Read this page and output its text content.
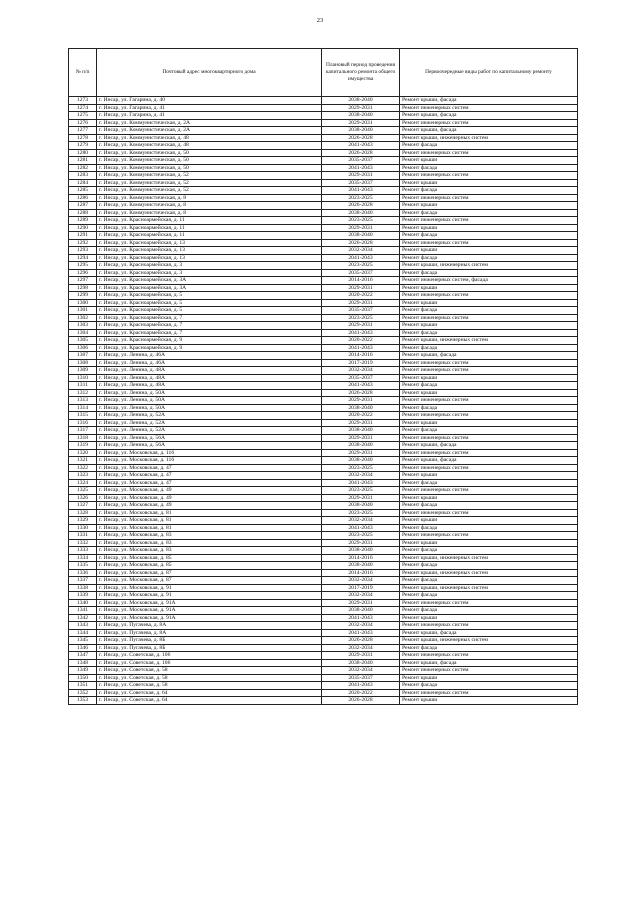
23
№ п/п	Почтовый адрес многоквартирного дома	Плановый период проведения капитального ремонта общего имущества	Первоочередные виды работ по капитальному ремонту
1273	г. Инсар, ул. Гагарина, д. 40	2038-2040	Ремонт крыши, фасада
1274	г. Инсар, ул. Гагарина, д. 41	2029-2031	Ремонт инженерных систем
1275	г. Инсар, ул. Гагарина, д. 41	2038-2040	Ремонт крыши, фасада
1276	г. Инсар, ул. Коммунистическая, д. 2А	2029-2031	Ремонт инженерных систем
1277	г. Инсар, ул. Коммунистическая, д. 2А	2038-2040	Ремонт крыши, фасада
1278	г. Инсар, ул. Коммунистическая, д. 48	2026-2028	Ремонт крыши, инженерных систем
1279	г. Инсар, ул. Коммунистическая, д. 48	2041-2043	Ремонт фасада
1280	г. Инсар, ул. Коммунистическая, д. 50	2026-2028	Ремонт инженерных систем
1281	г. Инсар, ул. Коммунистическая, д. 50	2035-2037	Ремонт крыши
1282	г. Инсар, ул. Коммунистическая, д. 50	2041-2043	Ремонт фасада
1283	г. Инсар, ул. Коммунистическая, д. 52	2029-2031	Ремонт инженерных систем
1284	г. Инсар, ул. Коммунистическая, д. 52	2035-2037	Ремонт крыши
1285	г. Инсар, ул. Коммунистическая, д. 52	2041-2043	Ремонт фасада
1286	г. Инсар, ул. Коммунистическая, д. 8	2023-2025	Ремонт инженерных систем
1287	г. Инсар, ул. Коммунистическая, д. 8	2026-2028	Ремонт крыши
1288	г. Инсар, ул. Коммунистическая, д. 8	2038-2040	Ремонт фасада
1289	г. Инсар, ул. Красноармейская, д. 11	2023-2025	Ремонт инженерных систем
1290	г. Инсар, ул. Красноармейская, д. 11	2029-2031	Ремонт крыши
1291	г. Инсар, ул. Красноармейская, д. 11	2038-2040	Ремонт фасада
1292	г. Инсар, ул. Красноармейская, д. 13	2026-2028	Ремонт инженерных систем
1293	г. Инсар, ул. Красноармейская, д. 13	2032-2034	Ремонт крыши
1294	г. Инсар, ул. Красноармейская, д. 13	2041-2043	Ремонт фасада
1295	г. Инсар, ул. Красноармейская, д. 3	2023-2025	Ремонт крыши, инженерных систем
1296	г. Инсар, ул. Красноармейская, д. 3	2035-2037	Ремонт фасада
1297	г. Инсар, ул. Красноармейская, д. 3А	2014-2016	Ремонт инженерных систем, фасада
1298	г. Инсар, ул. Красноармейская, д. 3А	2029-2031	Ремонт крыши
1299	г. Инсар, ул. Красноармейская, д. 5	2020-2022	Ремонт инженерных систем
1300	г. Инсар, ул. Красноармейская, д. 5	2029-2031	Ремонт крыши
1301	г. Инсар, ул. Красноармейская, д. 5	2035-2037	Ремонт фасада
1302	г. Инсар, ул. Красноармейская, д. 7	2023-2025	Ремонт инженерных систем
1303	г. Инсар, ул. Красноармейская, д. 7	2029-2031	Ремонт крыши
1304	г. Инсар, ул. Красноармейская, д. 7	2041-2043	Ремонт фасада
1305	г. Инсар, ул. Красноармейская, д. 9	2020-2022	Ремонт крыши, инженерных систем
1306	г. Инсар, ул. Красноармейская, д. 9	2041-2043	Ремонт фасада
1307	г. Инсар, ул. Ленина, д. 46А	2014-2016	Ремонт крыши, фасада
1308	г. Инсар, ул. Ленина, д. 46А	2017-2019	Ремонт инженерных систем
1309	г. Инсар, ул. Ленина, д. 48А	2032-2034	Ремонт инженерных систем
1310	г. Инсар, ул. Ленина, д. 48А	2035-2037	Ремонт крыши
1311	г. Инсар, ул. Ленина, д. 48А	2041-2043	Ремонт фасада
1312	г. Инсар, ул. Ленина, д. 50А	2026-2028	Ремонт крыши
1313	г. Инсар, ул. Ленина, д. 50А	2029-2031	Ремонт инженерных систем
1314	г. Инсар, ул. Ленина, д. 50А	2038-2040	Ремонт фасада
1315	г. Инсар, ул. Ленина, д. 52А	2020-2022	Ремонт инженерных систем
1316	г. Инсар, ул. Ленина, д. 52А	2029-2031	Ремонт крыши
1317	г. Инсар, ул. Ленина, д. 52А	2038-2040	Ремонт фасада
1318	г. Инсар, ул. Ленина, д. 56А	2029-2031	Ремонт инженерных систем
1319	г. Инсар, ул. Ленина, д. 56А	2038-2040	Ремонт крыши, фасада
1320	г. Инсар, ул. Московская, д. 116	2029-2031	Ремонт инженерных систем
1321	г. Инсар, ул. Московская, д. 116	2038-2040	Ремонт крыши, фасада
1322	г. Инсар, ул. Московская, д. 47	2023-2025	Ремонт инженерных систем
1323	г. Инсар, ул. Московская, д. 47	2032-2034	Ремонт крыши
1324	г. Инсар, ул. Московская, д. 47	2041-2043	Ремонт фасада
1325	г. Инсар, ул. Московская, д. 49	2023-2025	Ремонт инженерных систем
1326	г. Инсар, ул. Московская, д. 49	2029-2031	Ремонт крыши
1327	г. Инсар, ул. Московская, д. 49	2038-2040	Ремонт фасада
1328	г. Инсар, ул. Московская, д. 81	2023-2025	Ремонт инженерных систем
1329	г. Инсар, ул. Московская, д. 81	2032-2034	Ремонт крыши
1330	г. Инсар, ул. Московская, д. 81	2041-2043	Ремонт фасада
1331	г. Инсар, ул. Московская, д. 83	2023-2025	Ремонт инженерных систем
1332	г. Инсар, ул. Московская, д. 83	2029-2031	Ремонт крыши
1333	г. Инсар, ул. Московская, д. 83	2038-2040	Ремонт фасада
1334	г. Инсар, ул. Московская, д. 85	2014-2016	Ремонт крыши, инженерных систем
1335	г. Инсар, ул. Московская, д. 85	2038-2040	Ремонт фасада
1336	г. Инсар, ул. Московская, д. 87	2014-2016	Ремонт крыши, инженерных систем
1337	г. Инсар, ул. Московская, д. 87	2032-2034	Ремонт фасада
1338	г. Инсар, ул. Московская, д. 91	2017-2019	Ремонт крыши, инженерных систем
1339	г. Инсар, ул. Московская, д. 91	2032-2034	Ремонт фасада
1340	г. Инсар, ул. Московская, д. 91А	2029-2031	Ремонт инженерных систем
1341	г. Инсар, ул. Московская, д. 91А	2038-2040	Ремонт фасада
1342	г. Инсар, ул. Московская, д. 91А	2041-2043	Ремонт крыши
1343	г. Инсар, ул. Пугачева, д. 8А	2032-2034	Ремонт инженерных систем
1344	г. Инсар, ул. Пугачева, д. 8А	2041-2043	Ремонт крыши, фасада
1345	г. Инсар, ул. Пугачева, д. 8Б	2026-2028	Ремонт крыши, инженерных систем
1346	г. Инсар, ул. Пугачева, д. 8Б	2032-2034	Ремонт фасада
1347	г. Инсар, ул. Советская, д. 106	2029-2031	Ремонт инженерных систем
1348	г. Инсар, ул. Советская, д. 106	2038-2040	Ремонт крыши, фасада
1349	г. Инсар, ул. Советская, д. 58	2032-2034	Ремонт инженерных систем
1350	г. Инсар, ул. Советская, д. 58	2035-2037	Ремонт крыши
1351	г. Инсар, ул. Советская, д. 58	2041-2043	Ремонт фасада
1352	г. Инсар, ул. Советская, д. 64	2020-2022	Ремонт инженерных систем
1353	г. Инсар, ул. Советская, д. 64	2026-2028	Ремонт крыши
